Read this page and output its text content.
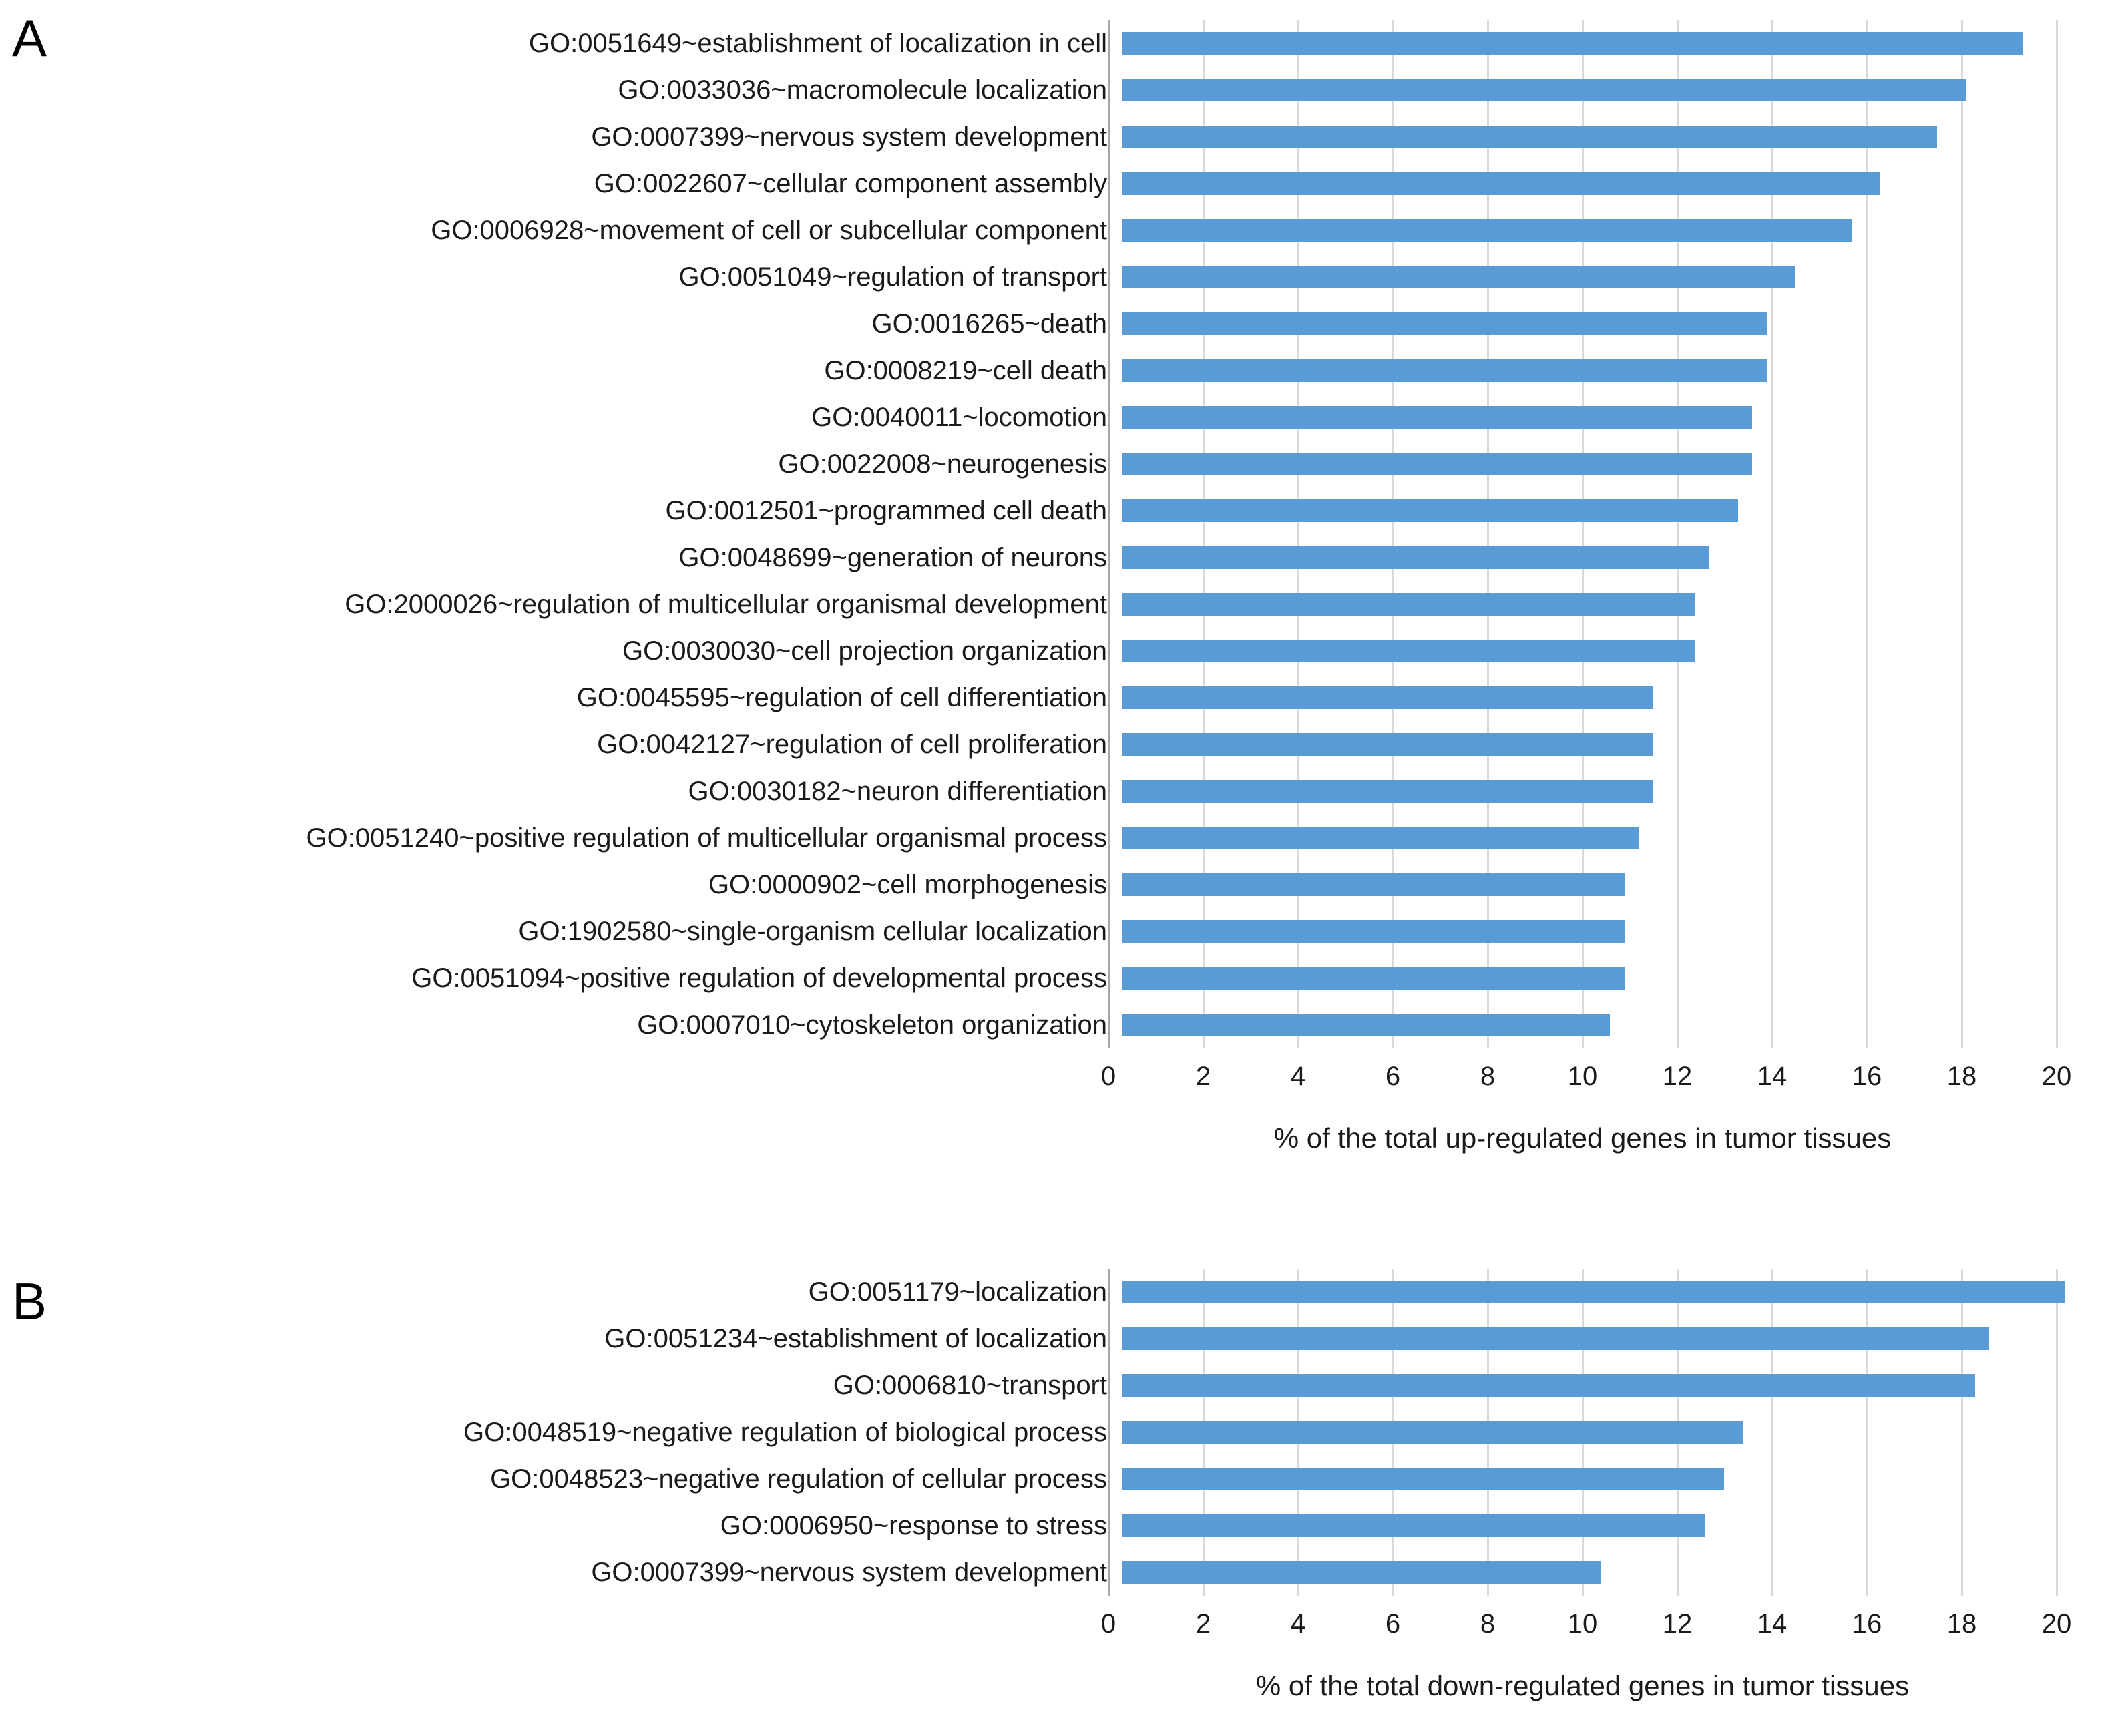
A	GO:0051649~establishment of localization in cell
GO:0033036~macromolecule localization
GO:0007399~nervous system development
GO:0022607~cellular component assembly
GO:0006928~movement of cell or subcellular component
GO:0051049~regulation of transport
GO:0016265~death
GO:0008219~cell death
GO:0040011~locomotion
GO:0022008~neurogenesis
GO:0012501~programmed cell death
GO:0048699~generation of neurons
GO:2000026~regulation of multicellular organismal development
GO:0030030~cell projection organization
GO:0045595~regulation of cell differentiation
GO:0042127~regulation of cell proliferation
GO:0030182~neuron differentiation
GO:0051240~positive regulation of multicellular organismal process
GO:0000902~cell morphogenesis
GO:1902580~single-organism cellular localization
GO:0051094~positive regulation of developmental process
GO:0007010~cytoskeleton organization
0	2	4	6	8	10 12 14 16 18 20
% of the total up-regulated genes in tumor tissues
B	GO:0051179~localization
GO:0051234~establishment of localization
GO:0006810~transport
GO:0048519~negative regulation of biological process
GO:0048523~negative regulation of cellular process
GO:0006950~response to stress
GO:0007399~nervous system development
0	2	4	6	8	10 12 14 16 18 20
% of the total down-regulated genes in tumor tissues
